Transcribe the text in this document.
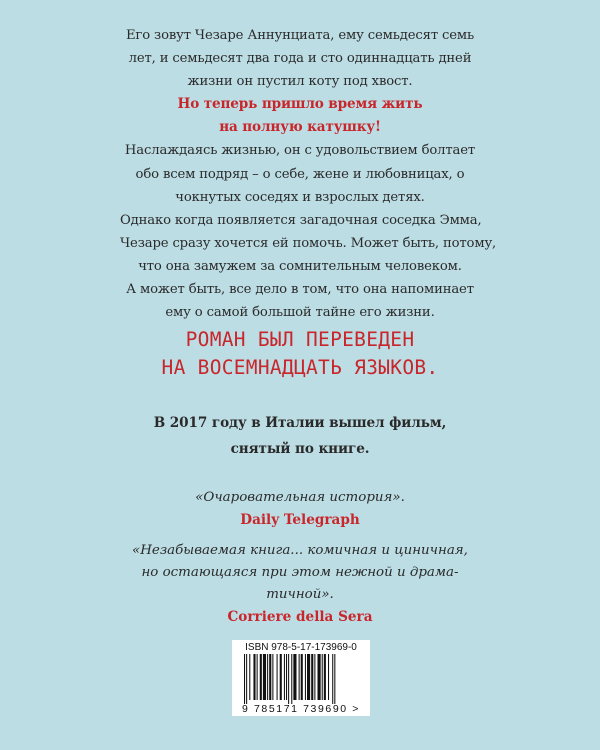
Его зовут Чезаре Аннунциата, ему семьдесят семь
лет, и семьдесят два года и сто одиннадцать дней
жизни он пустил коту под хвост.
Но теперь пришло время жить
на полную катушку!
Наслаждаясь жизнью, он с удовольствием болтает
обо всем подряд – о себе, жене и любовницах, о
чокнутых соседях и взрослых детях.
Однако когда появляется загадочная соседка Эмма,
Чезаре сразу хочется ей помочь. Может быть, потому,
что она замужем за сомнительным человеком.
А может быть, все дело в том, что она напоминает
ему о самой большой тайне его жизни.
РОМАН БЫЛ ПЕРЕВЕДЕН
НА ВОСЕМНАДЦАТЬ ЯЗЫКОВ.
В 2017 году в Италии вышел фильм,
снятый по книге.
«Очаровательная история».
Daily Telegraph
«Незабываемая книга... комичная и циничная,
но остающаяся при этом нежной и драма-
тичной».
Corriere della Sera
ISBN 978-5-17-173969-0
9 785171 739690 >
